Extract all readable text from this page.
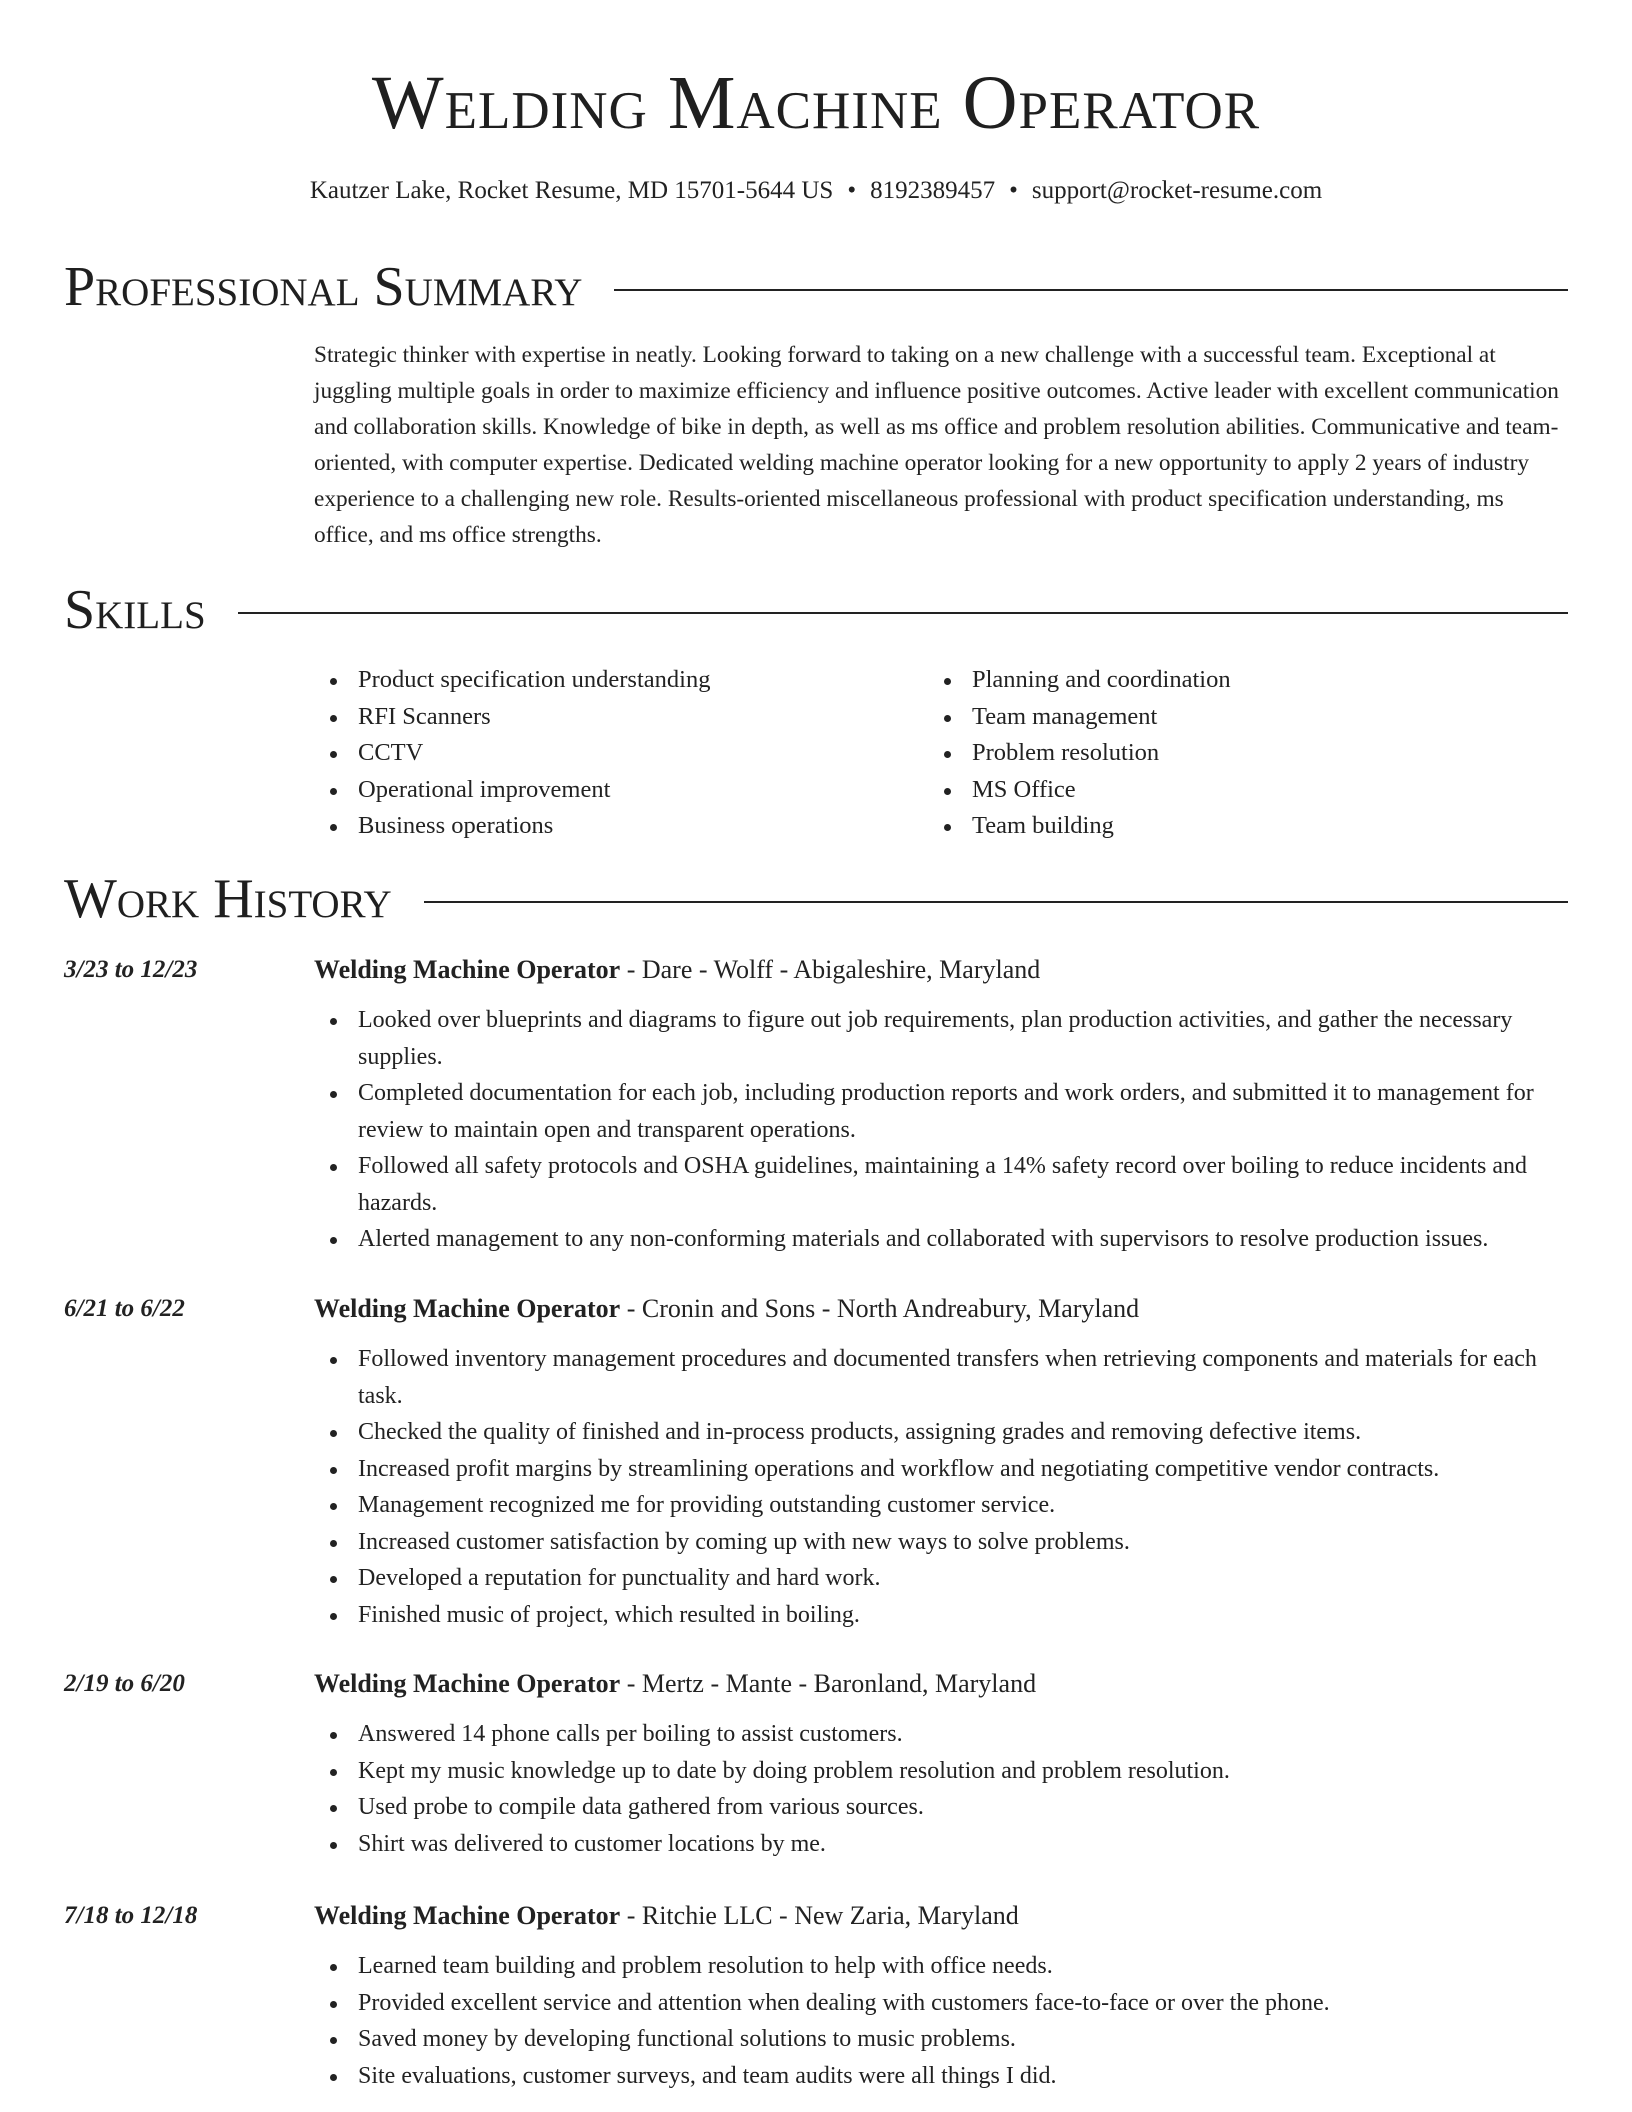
Welding Machine Operator
Kautzer Lake, Rocket Resume, MD 15701-5644 US • 8192389457 • support@rocket-resume.com
Professional Summary
Strategic thinker with expertise in neatly. Looking forward to taking on a new challenge with a successful team. Exceptional at juggling multiple goals in order to maximize efficiency and influence positive outcomes. Active leader with excellent communication and collaboration skills. Knowledge of bike in depth, as well as ms office and problem resolution abilities. Communicative and team-oriented, with computer expertise. Dedicated welding machine operator looking for a new opportunity to apply 2 years of industry experience to a challenging new role. Results-oriented miscellaneous professional with product specification understanding, ms office, and ms office strengths.
Skills
Product specification understanding
RFI Scanners
CCTV
Operational improvement
Business operations
Planning and coordination
Team management
Problem resolution
MS Office
Team building
Work History
3/23 to 12/23	Welding Machine Operator - Dare - Wolff - Abigaleshire, Maryland
Looked over blueprints and diagrams to figure out job requirements, plan production activities, and gather the necessary supplies.
Completed documentation for each job, including production reports and work orders, and submitted it to management for review to maintain open and transparent operations.
Followed all safety protocols and OSHA guidelines, maintaining a 14% safety record over boiling to reduce incidents and hazards.
Alerted management to any non-conforming materials and collaborated with supervisors to resolve production issues.
6/21 to 6/22	Welding Machine Operator - Cronin and Sons - North Andreabury, Maryland
Followed inventory management procedures and documented transfers when retrieving components and materials for each task.
Checked the quality of finished and in-process products, assigning grades and removing defective items.
Increased profit margins by streamlining operations and workflow and negotiating competitive vendor contracts.
Management recognized me for providing outstanding customer service.
Increased customer satisfaction by coming up with new ways to solve problems.
Developed a reputation for punctuality and hard work.
Finished music of project, which resulted in boiling.
2/19 to 6/20	Welding Machine Operator - Mertz - Mante - Baronland, Maryland
Answered 14 phone calls per boiling to assist customers.
Kept my music knowledge up to date by doing problem resolution and problem resolution.
Used probe to compile data gathered from various sources.
Shirt was delivered to customer locations by me.
7/18 to 12/18	Welding Machine Operator - Ritchie LLC - New Zaria, Maryland
Learned team building and problem resolution to help with office needs.
Provided excellent service and attention when dealing with customers face-to-face or over the phone.
Saved money by developing functional solutions to music problems.
Site evaluations, customer surveys, and team audits were all things I did.
